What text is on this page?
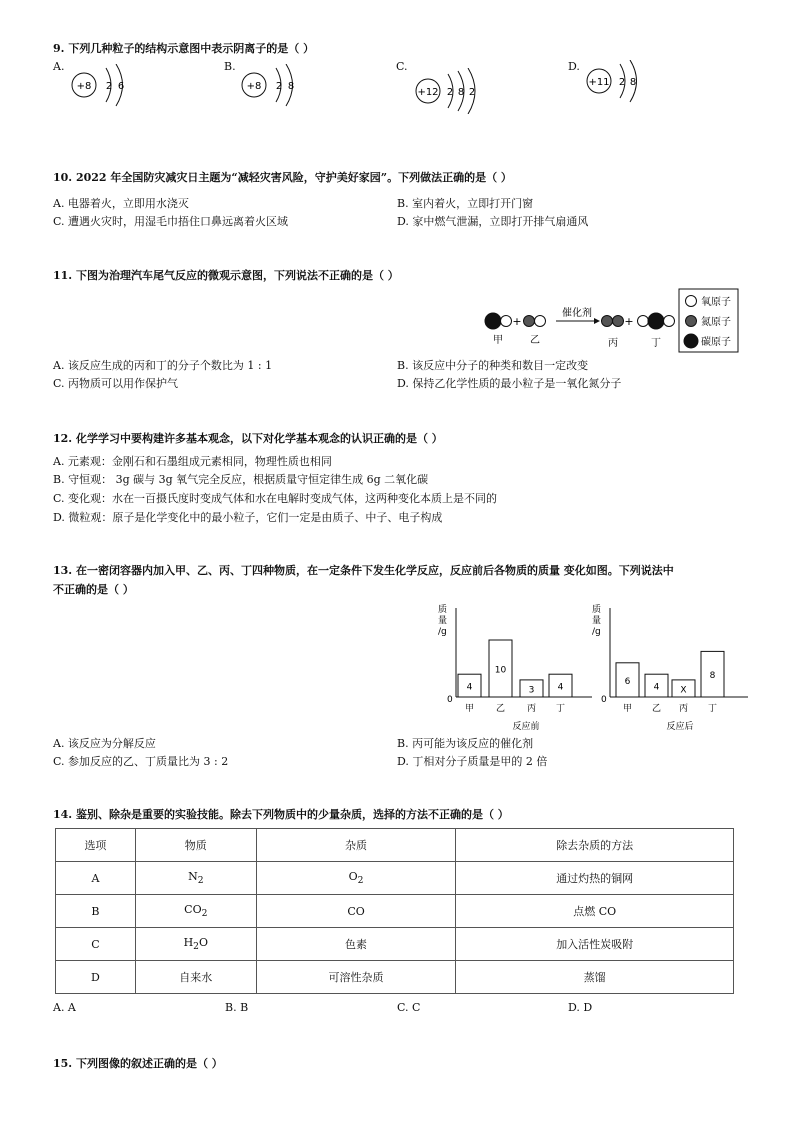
9. 下列几种粒子的结构示意图中表示阴离子的是（ ）
A.
+8 2 6
B.
+8 2 8
C.
+12 2 8 2
D.
+11 2 8
10. 2022 年全国防灾减灾日主题为“减轻灾害风险，守护美好家园”。下列做法正确的是（ ）
A. 电器着火，立即用水浇灭	B. 室内着火，立即打开门窗
C. 遭遇火灾时，用湿毛巾捂住口鼻远离着火区域	D. 家中燃气泄漏，立即打开排气扇通风
11. 下图为治理汽车尾气反应的微观示意图，下列说法不正确的是（ ）
+
催化剂
+
甲	乙	丙	丁
氧原子
氮原子
碳原子
A. 该反应生成的丙和丁的分子个数比为 1 : 1	B. 该反应中分子的种类和数目一定改变
C. 丙物质可以用作保护气	D. 保持乙化学性质的最小粒子是一氧化氮分子
12. 化学学习中要构建许多基本观念，以下对化学基本观念的认识正确的是（ ）
A. 元素观：金刚石和石墨组成元素相同，物理性质也相同
B. 守恒观： 3g 碳与 3g 氧气完全反应，根据质量守恒定律生成 6g 二氧化碳
C. 变化观：水在一百摄氏度时变成气体和水在电解时变成气体，这两种变化本质上是不同的
D. 微粒观：原子是化学变化中的最小粒子，它们一定是由质子、中子、电子构成
13. 在一密闭容器内加入甲、乙、丙、丁四种物质，在一定条件下发生化学反应，反应前后各物质的质量 变化如图。下列说法中
不正确的是（ ）
质
量
/g
0
4
甲
10
乙
3
丙
4
丁
反应前
质
量
/g
0
6
甲
4
乙
X
丙
8
丁
反应后
A. 该反应为分解反应	B. 丙可能为该反应的催化剂
C. 参加反应的乙、丁质量比为 3 : 2	D. 丁相对分子质量是甲的 2 倍
14. 鉴别、除杂是重要的实验技能。除去下列物质中的少量杂质，选择的方法不正确的是（ ）
选项	物质	杂质	除去杂质的方法
A	$N_2$	$O_2$	通过灼热的铜网
B	$CO_2$	CO	点燃 CO
C	$H_2O$	色素	加入活性炭吸附
D	自来水	可溶性杂质	蒸馏
A. A	B. B	C. C	D. D
15. 下列图像的叙述正确的是（ ）
